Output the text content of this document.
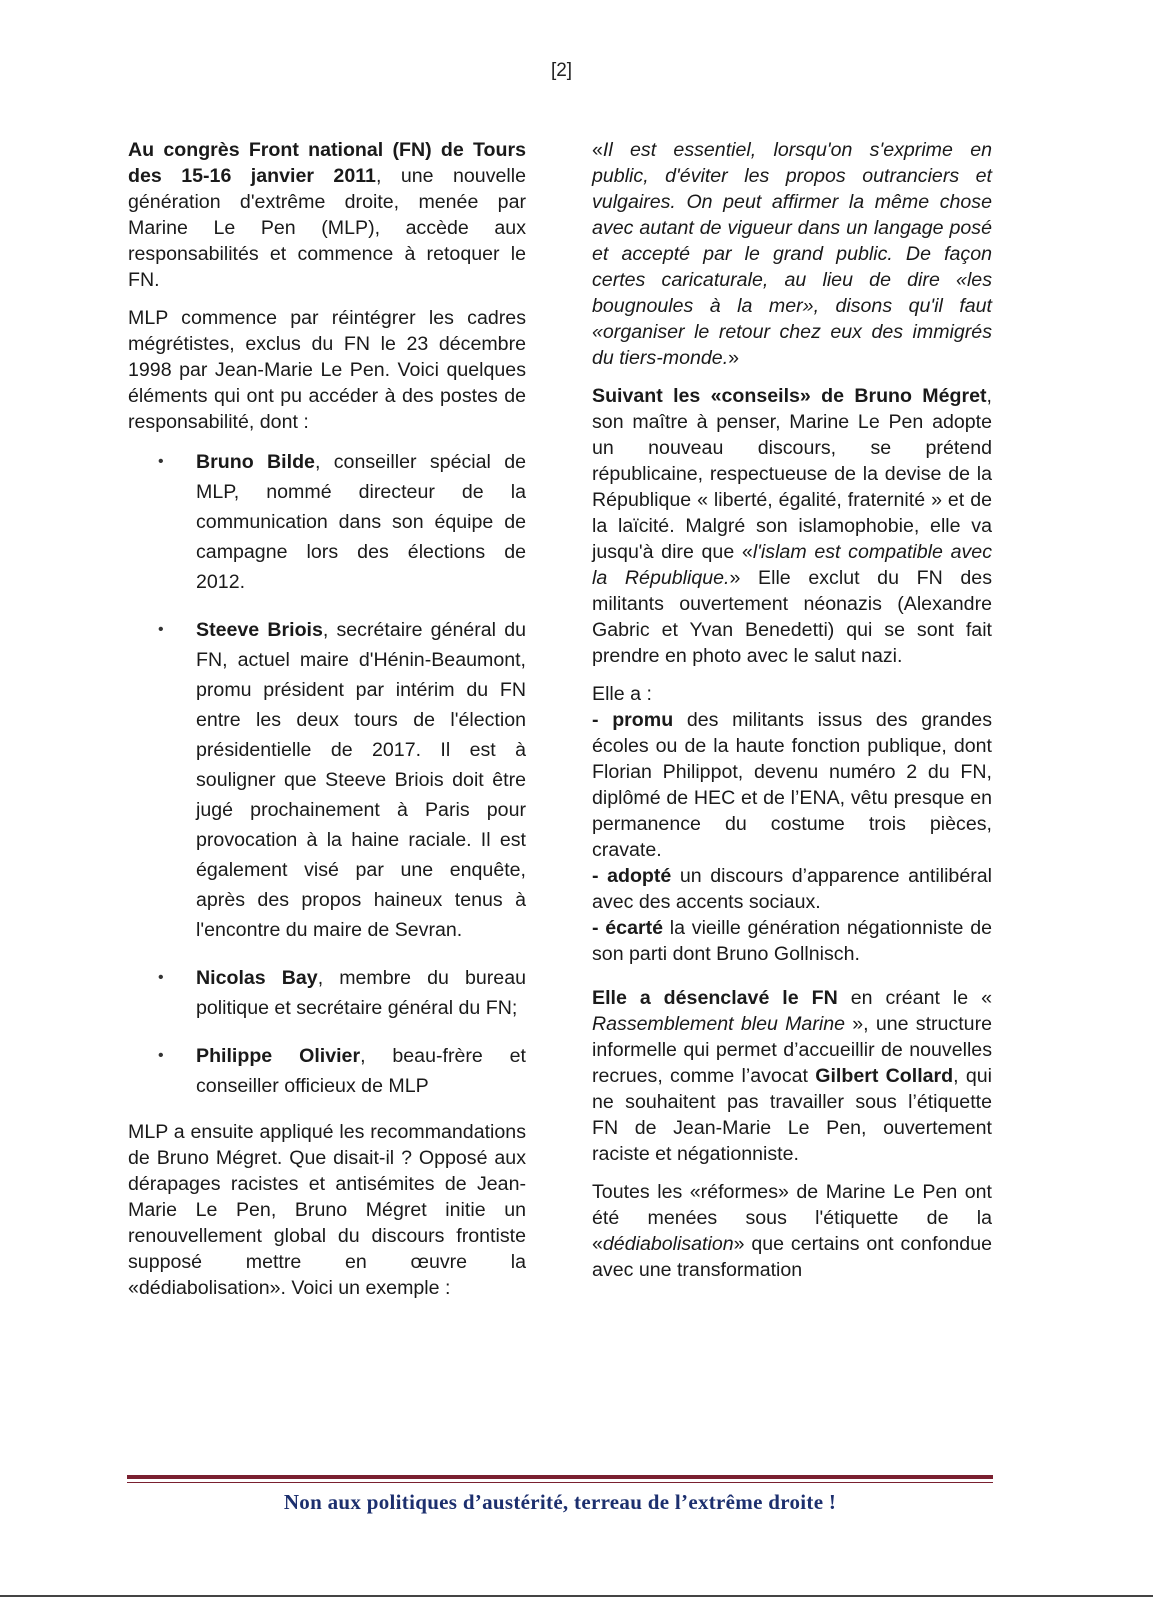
[2]

Au congrès Front national (FN) de Tours des 15-16 janvier 2011, une nouvelle génération d'extrême droite, menée par Marine Le Pen (MLP), accède aux responsabilités et commence à retoquer le FN.

MLP commence par réintégrer les cadres mégrétistes, exclus du FN le 23 décembre 1998 par Jean-Marie Le Pen. Voici quelques éléments qui ont pu accéder à des postes de responsabilité, dont :

• Bruno Bilde, conseiller spécial de MLP, nommé directeur de la communication dans son équipe de campagne lors des élections de 2012.
• Steeve Briois, secrétaire général du FN, actuel maire d'Hénin-Beaumont, promu président par intérim du FN entre les deux tours de l'élection présidentielle de 2017. Il est à souligner que Steeve Briois doit être jugé prochainement à Paris pour provocation à la haine raciale. Il est également visé par une enquête, après des propos haineux tenus à l'encontre du maire de Sevran.
• Nicolas Bay, membre du bureau politique et secrétaire général du FN;
• Philippe Olivier, beau-frère et conseiller officieux de MLP

MLP a ensuite appliqué les recommandations de Bruno Mégret. Que disait-il ? Opposé aux dérapages racistes et antisémites de Jean-Marie Le Pen, Bruno Mégret initie un renouvellement global du discours frontiste supposé mettre en œuvre la «dédiabolisation». Voici un exemple :

«Il est essentiel, lorsqu'on s'exprime en public, d'éviter les propos outranciers et vulgaires. On peut affirmer la même chose avec autant de vigueur dans un langage posé et accepté par le grand public. De façon certes caricaturale, au lieu de dire «les bougnoules à la mer», disons qu'il faut «organiser le retour chez eux des immigrés du tiers-monde.»

Suivant les «conseils» de Bruno Mégret, son maître à penser, Marine Le Pen adopte un nouveau discours, se prétend républicaine, respectueuse de la devise de la République « liberté, égalité, fraternité » et de la laïcité. Malgré son islamophobie, elle va jusqu'à dire que «l'islam est compatible avec la République.» Elle exclut du FN des militants ouvertement néonazis (Alexandre Gabric et Yvan Benedetti) qui se sont fait prendre en photo avec le salut nazi.

Elle a :
- promu des militants issus des grandes écoles ou de la haute fonction publique, dont Florian Philippot, devenu numéro 2 du FN, diplômé de HEC et de l’ENA, vêtu presque en permanence du costume trois pièces, cravate.
- adopté un discours d’apparence antilibéral avec des accents sociaux.
- écarté la vieille génération négationniste de son parti dont Bruno Gollnisch.

Elle a désenclavé le FN en créant le « Rassemblement bleu Marine », une structure informelle qui permet d’accueillir de nouvelles recrues, comme l’avocat Gilbert Collard, qui ne souhaitent pas travailler sous l’étiquette FN de Jean-Marie Le Pen, ouvertement raciste et négationniste.

Toutes les «réformes» de Marine Le Pen ont été menées sous l'étiquette de la «dédiabolisation» que certains ont confondue avec une transformation

Non aux politiques d’austérité, terreau de l’extrême droite !
